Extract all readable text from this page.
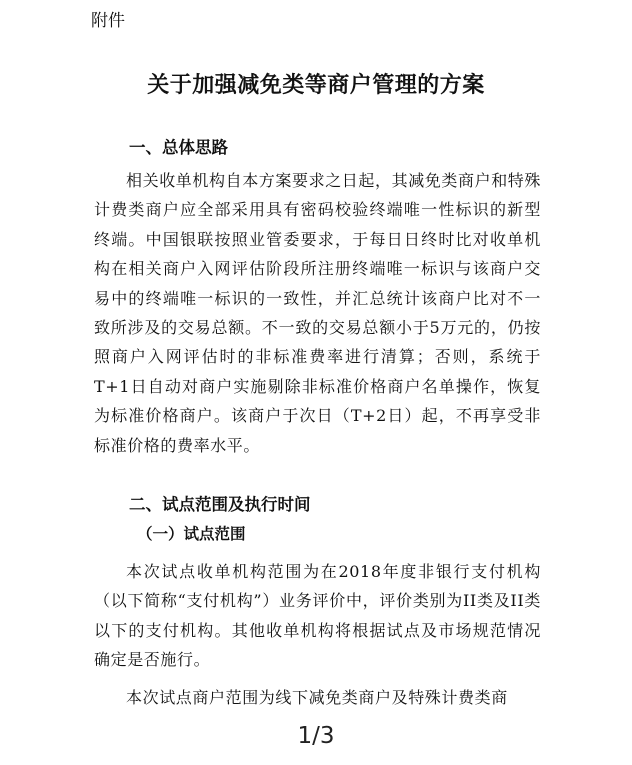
附件
关于加强减免类等商户管理的方案
一、总体思路

相关收单机构自本方案要求之日起，其减免类商户和特殊计费类商户应全部采用具有密码校验终端唯一性标识的新型终端。中国银联按照业管委要求，于每日日终时比对收单机构在相关商户入网评估阶段所注册终端唯一标识与该商户交易中的终端唯一标识的一致性，并汇总统计该商户比对不一致所涉及的交易总额。不一致的交易总额小于5万元的，仍按照商户入网评估时的非标准费率进行清算；否则，系统于T+1日自动对商户实施剔除非标准价格商户名单操作，恢复为标准价格商户。该商户于次日（T+2日）起，不再享受非标准价格的费率水平。

二、试点范围及执行时间
（一）试点范围

本次试点收单机构范围为在2018年度非银行支付机构（以下简称“支付机构”）业务评价中，评价类别为II类及II类以下的支付机构。其他收单机构将根据试点及市场规范情况确定是否施行。

本次试点商户范围为线下减免类商户及特殊计费类商

1/3
